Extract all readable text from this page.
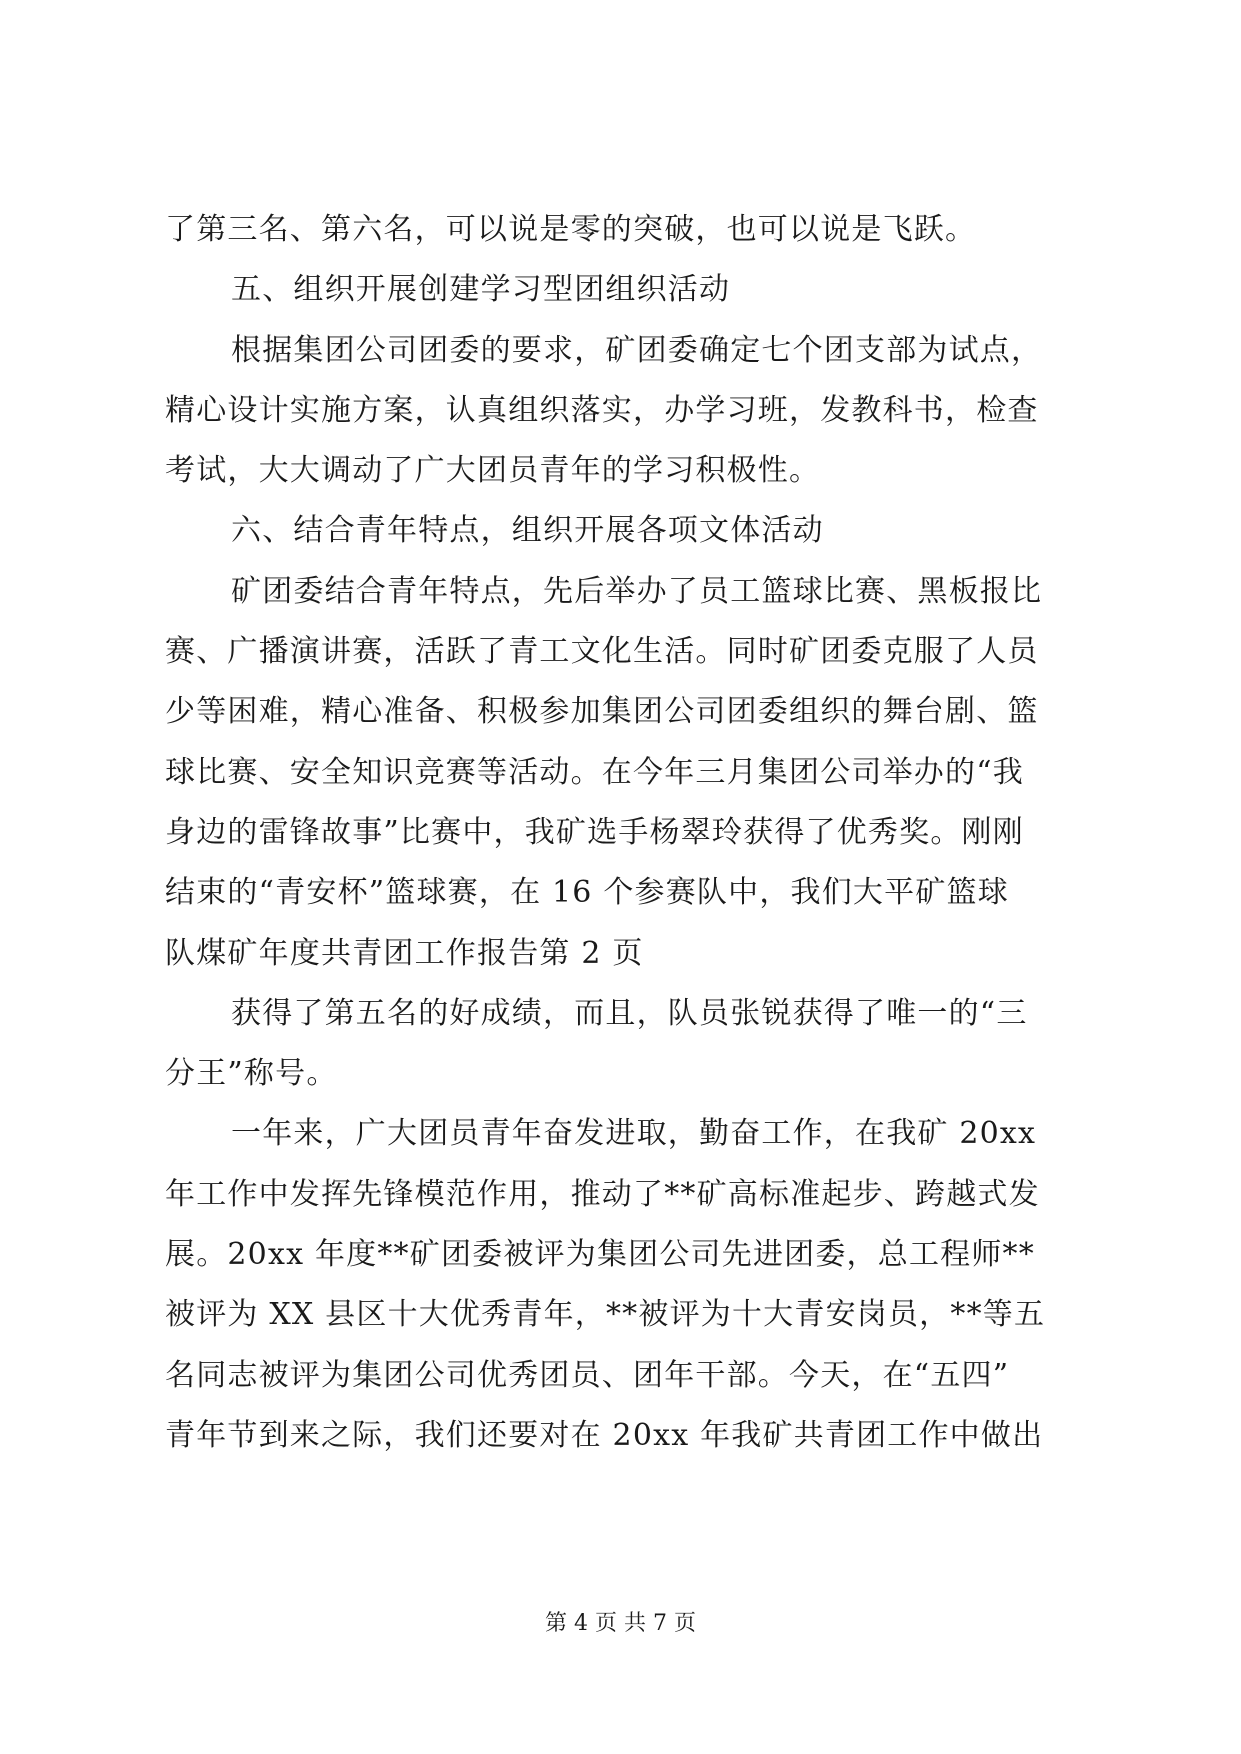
了第三名、第六名，可以说是零的突破，也可以说是飞跃。
五、组织开展创建学习型团组织活动
根据集团公司团委的要求，矿团委确定七个团支部为试点，
精心设计实施方案，认真组织落实，办学习班，发教科书，检查
考试，大大调动了广大团员青年的学习积极性。
六、结合青年特点，组织开展各项文体活动
矿团委结合青年特点，先后举办了员工篮球比赛、黑板报比
赛、广播演讲赛，活跃了青工文化生活。同时矿团委克服了人员
少等困难，精心准备、积极参加集团公司团委组织的舞台剧、篮
球比赛、安全知识竞赛等活动。在今年三月集团公司举办的“我
身边的雷锋故事”比赛中，我矿选手杨翠玲获得了优秀奖。刚刚
结束的“青安杯”篮球赛，在 16 个参赛队中，我们大平矿篮球
队煤矿年度共青团工作报告第 2 页
获得了第五名的好成绩，而且，队员张锐获得了唯一的“三
分王”称号。
一年来，广大团员青年奋发进取，勤奋工作，在我矿 20xx
年工作中发挥先锋模范作用，推动了**矿高标准起步、跨越式发
展。20xx 年度**矿团委被评为集团公司先进团委，总工程师**
被评为 XX 县区十大优秀青年，**被评为十大青安岗员，**等五
名同志被评为集团公司优秀团员、团年干部。今天，在“五四”
青年节到来之际，我们还要对在 20xx 年我矿共青团工作中做出
第 4 页 共 7 页
